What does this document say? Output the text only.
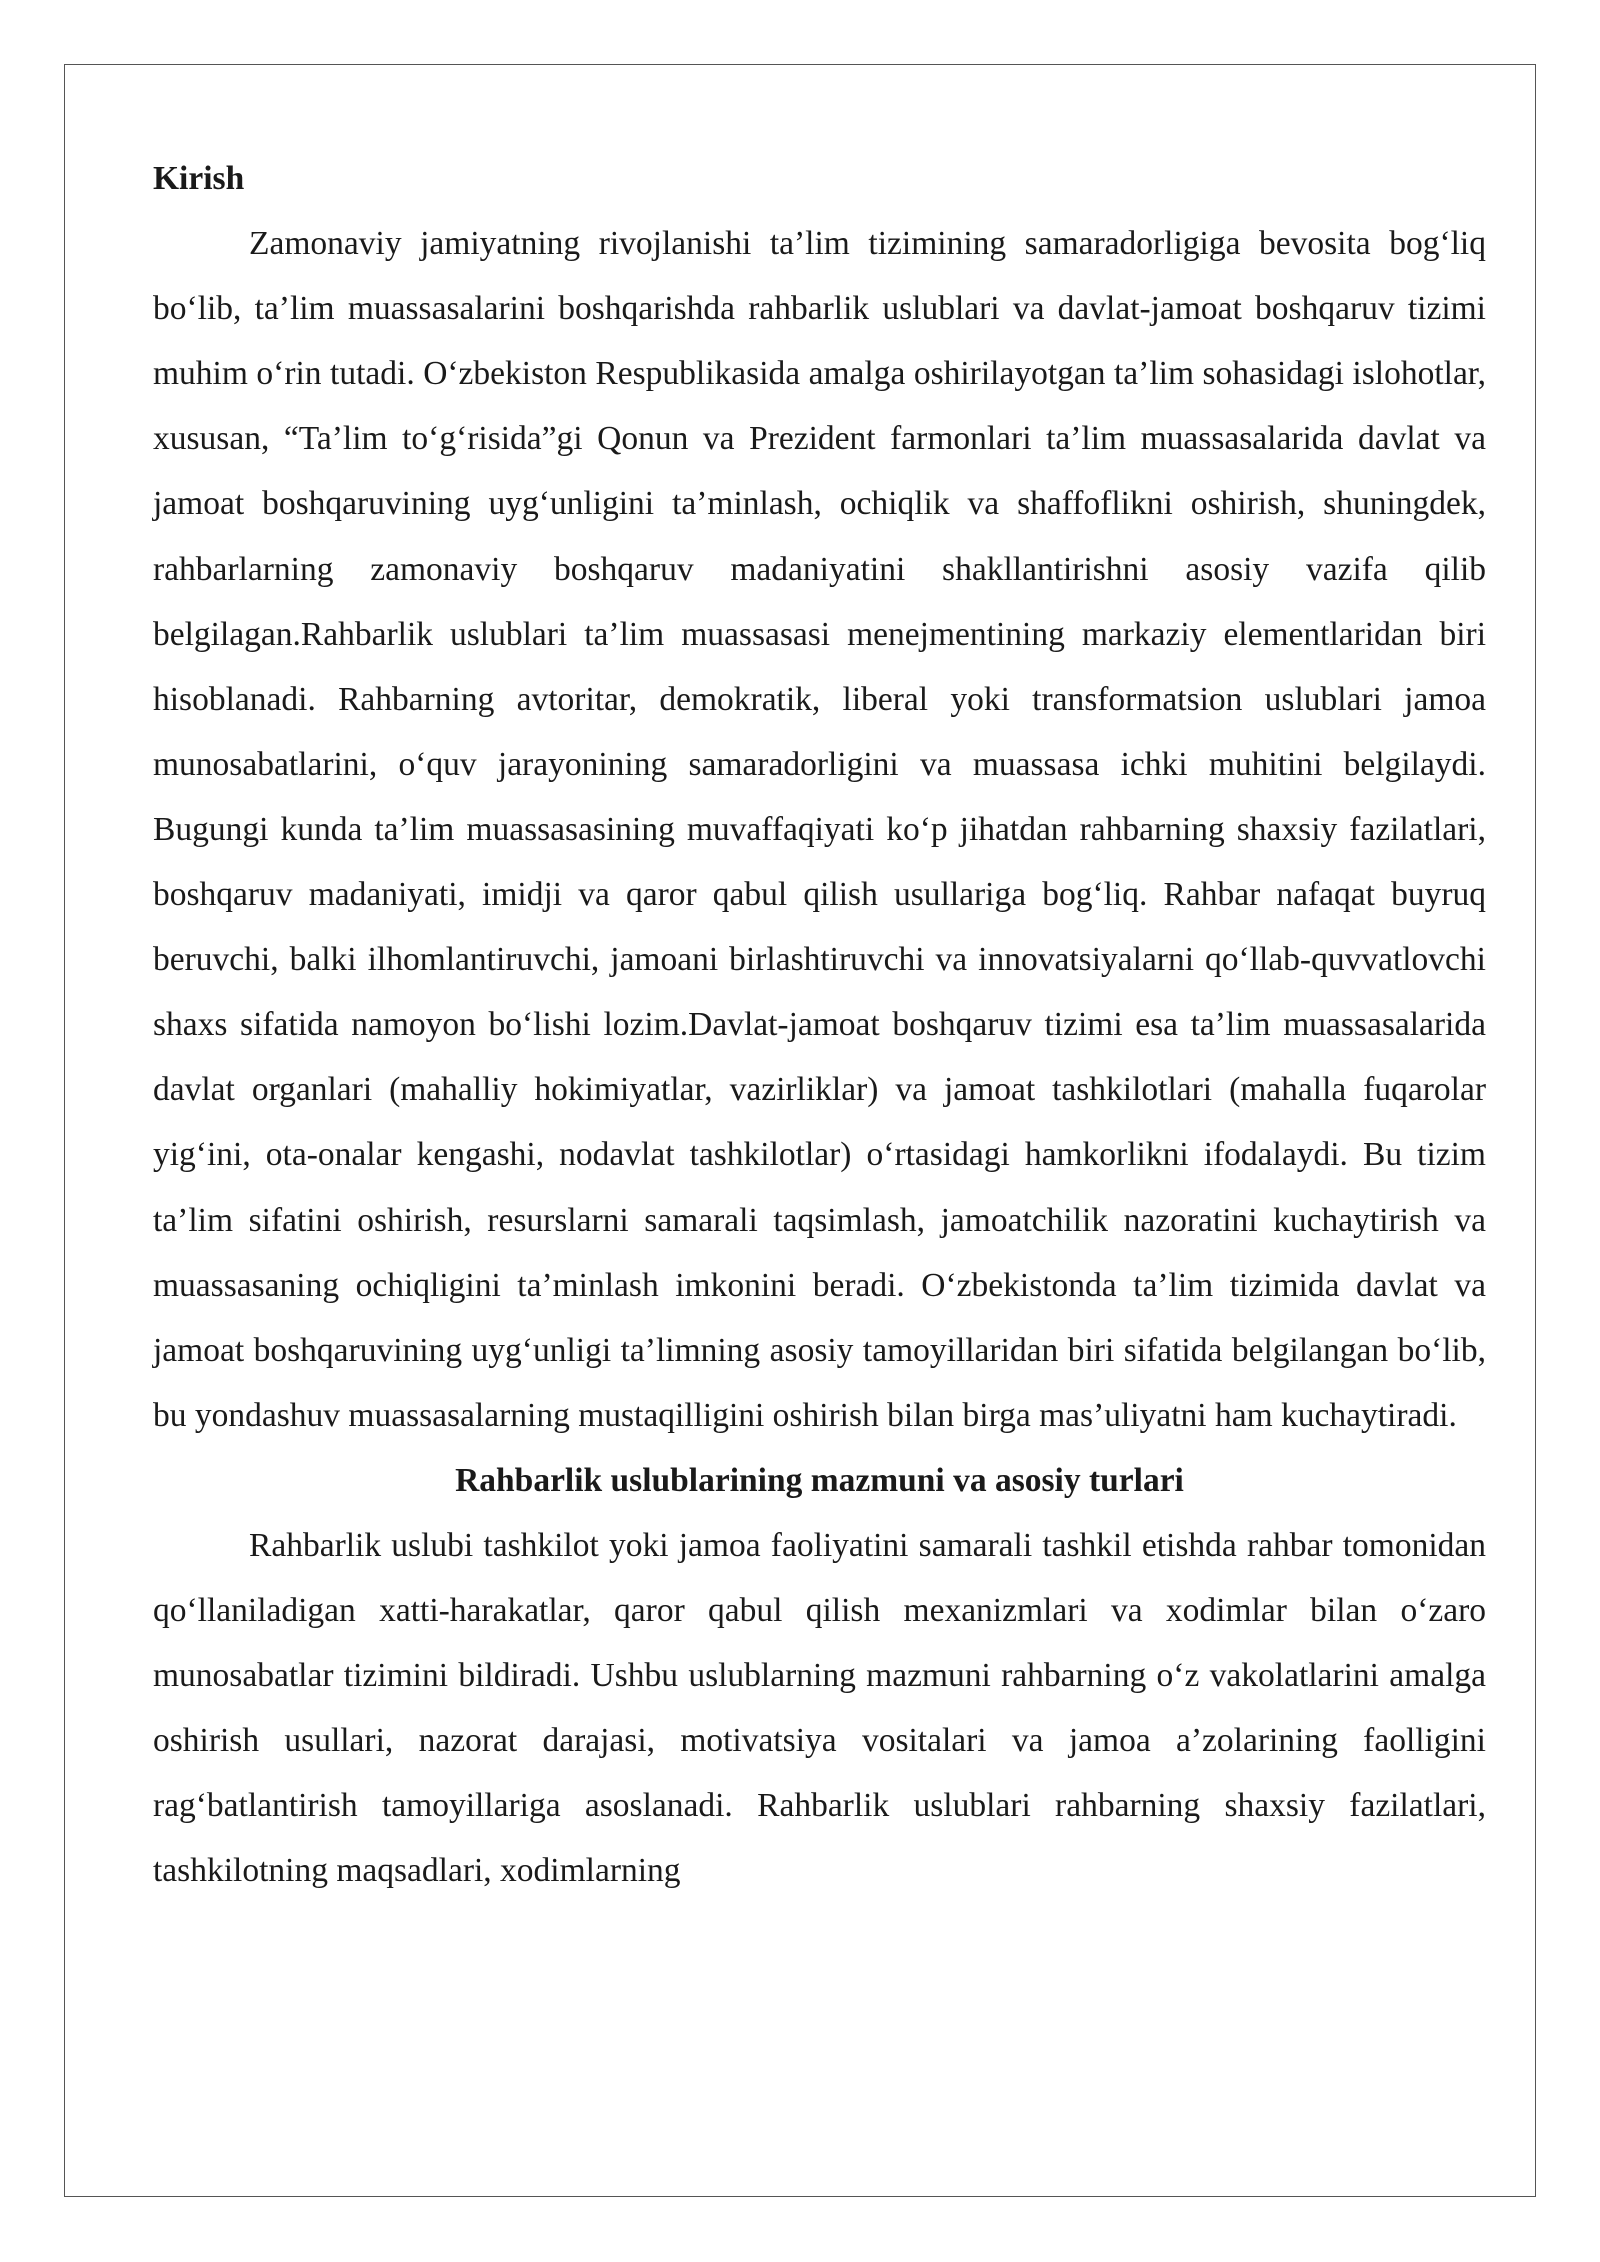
Kirish

Zamonaviy jamiyatning rivojlanishi ta’lim tizimining samaradorligiga bevosita bog‘liq bo‘lib, ta’lim muassasalarini boshqarishda rahbarlik uslublari va davlat-jamoat boshqaruv tizimi muhim o‘rin tutadi. O‘zbekiston Respublikasida amalga oshirilayotgan ta’lim sohasidagi islohotlar, xususan, “Ta’lim to‘g‘risida”gi Qonun va Prezident farmonlari ta’lim muassasalarida davlat va jamoat boshqaruvining uyg‘unligini ta’minlash, ochiqlik va shaffoflikni oshirish, shuningdek, rahbarlarning zamonaviy boshqaruv madaniyatini shakllantirishni asosiy vazifa qilib belgilagan.Rahbarlik uslublari ta’lim muassasasi menejmentining markaziy elementlaridan biri hisoblanadi. Rahbarning avtoritar, demokratik, liberal yoki transformatsion uslublari jamoa munosabatlarini, o‘quv jarayonining samaradorligini va muassasa ichki muhitini belgilaydi. Bugungi kunda ta’lim muassasasining muvaffaqiyati ko‘p jihatdan rahbarning shaxsiy fazilatlari, boshqaruv madaniyati, imidji va qaror qabul qilish usullariga bog‘liq. Rahbar nafaqat buyruq beruvchi, balki ilhomlantiruvchi, jamoani birlashtiruvchi va innovatsiyalarni qo‘llab-quvvatlovchi shaxs sifatida namoyon bo‘lishi lozim.Davlat-jamoat boshqaruv tizimi esa ta’lim muassasalarida davlat organlari (mahalliy hokimiyatlar, vazirliklar) va jamoat tashkilotlari (mahalla fuqarolar yig‘ini, ota-onalar kengashi, nodavlat tashkilotlar) o‘rtasidagi hamkorlikni ifodalaydi. Bu tizim ta’lim sifatini oshirish, resurslarni samarali taqsimlash, jamoatchilik nazoratini kuchaytirish va muassasaning ochiqligini ta’minlash imkonini beradi. O‘zbekistonda ta’lim tizimida davlat va jamoat boshqaruvining uyg‘unligi ta’limning asosiy tamoyillaridan biri sifatida belgilangan bo‘lib, bu yondashuv muassasalarning mustaqilligini oshirish bilan birga mas’uliyatni ham kuchaytiradi.

Rahbarlik uslublarining mazmuni va asosiy turlari

Rahbarlik uslubi tashkilot yoki jamoa faoliyatini samarali tashkil etishda rahbar tomonidan qo‘llaniladigan xatti-harakatlar, qaror qabul qilish mexanizmlari va xodimlar bilan o‘zaro munosabatlar tizimini bildiradi. Ushbu uslublarning mazmuni rahbarning o‘z vakolatlarini amalga oshirish usullari, nazorat darajasi, motivatsiya vositalari va jamoa a’zolarining faolligini rag‘batlantirish tamoyillariga asoslanadi. Rahbarlik uslublari rahbarning shaxsiy fazilatlari, tashkilotning maqsadlari, xodimlarning
